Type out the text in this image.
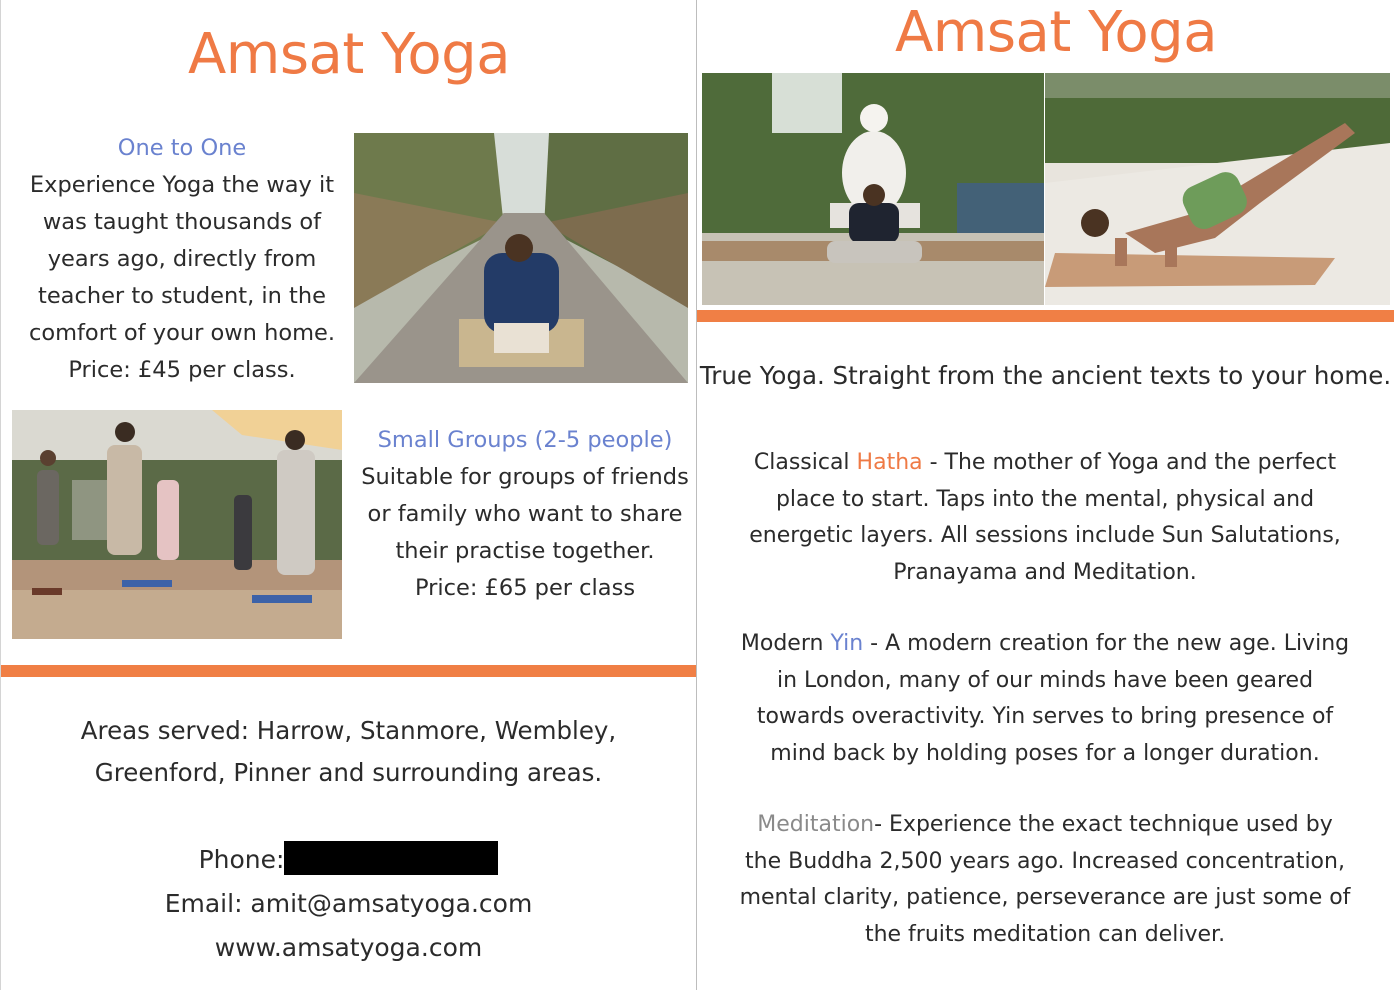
Amsat Yoga
One to One
Experience Yoga the way it
was taught thousands of
years ago, directly from
teacher to student, in the
comfort of your own home.
Price: £45 per class.
Small Groups (2-5 people)
Suitable for groups of friends
or family who want to share
their practise together.
Price: £65 per class
Areas served: Harrow, Stanmore, Wembley,
Greenford, Pinner and surrounding areas.
Phone:
Email: amit@amsatyoga.com
www.amsatyoga.com
Amsat Yoga
True Yoga. Straight from the ancient texts to your home.
Classical Hatha - The mother of Yoga and the perfect
place to start. Taps into the mental, physical and
energetic layers. All sessions include Sun Salutations,
Pranayama and Meditation.
Modern Yin - A modern creation for the new age. Living
in London, many of our minds have been geared
towards overactivity. Yin serves to bring presence of
mind back by holding poses for a longer duration.
Meditation- Experience the exact technique used by
the Buddha 2,500 years ago. Increased concentration,
mental clarity, patience, perseverance are just some of
the fruits meditation can deliver.
